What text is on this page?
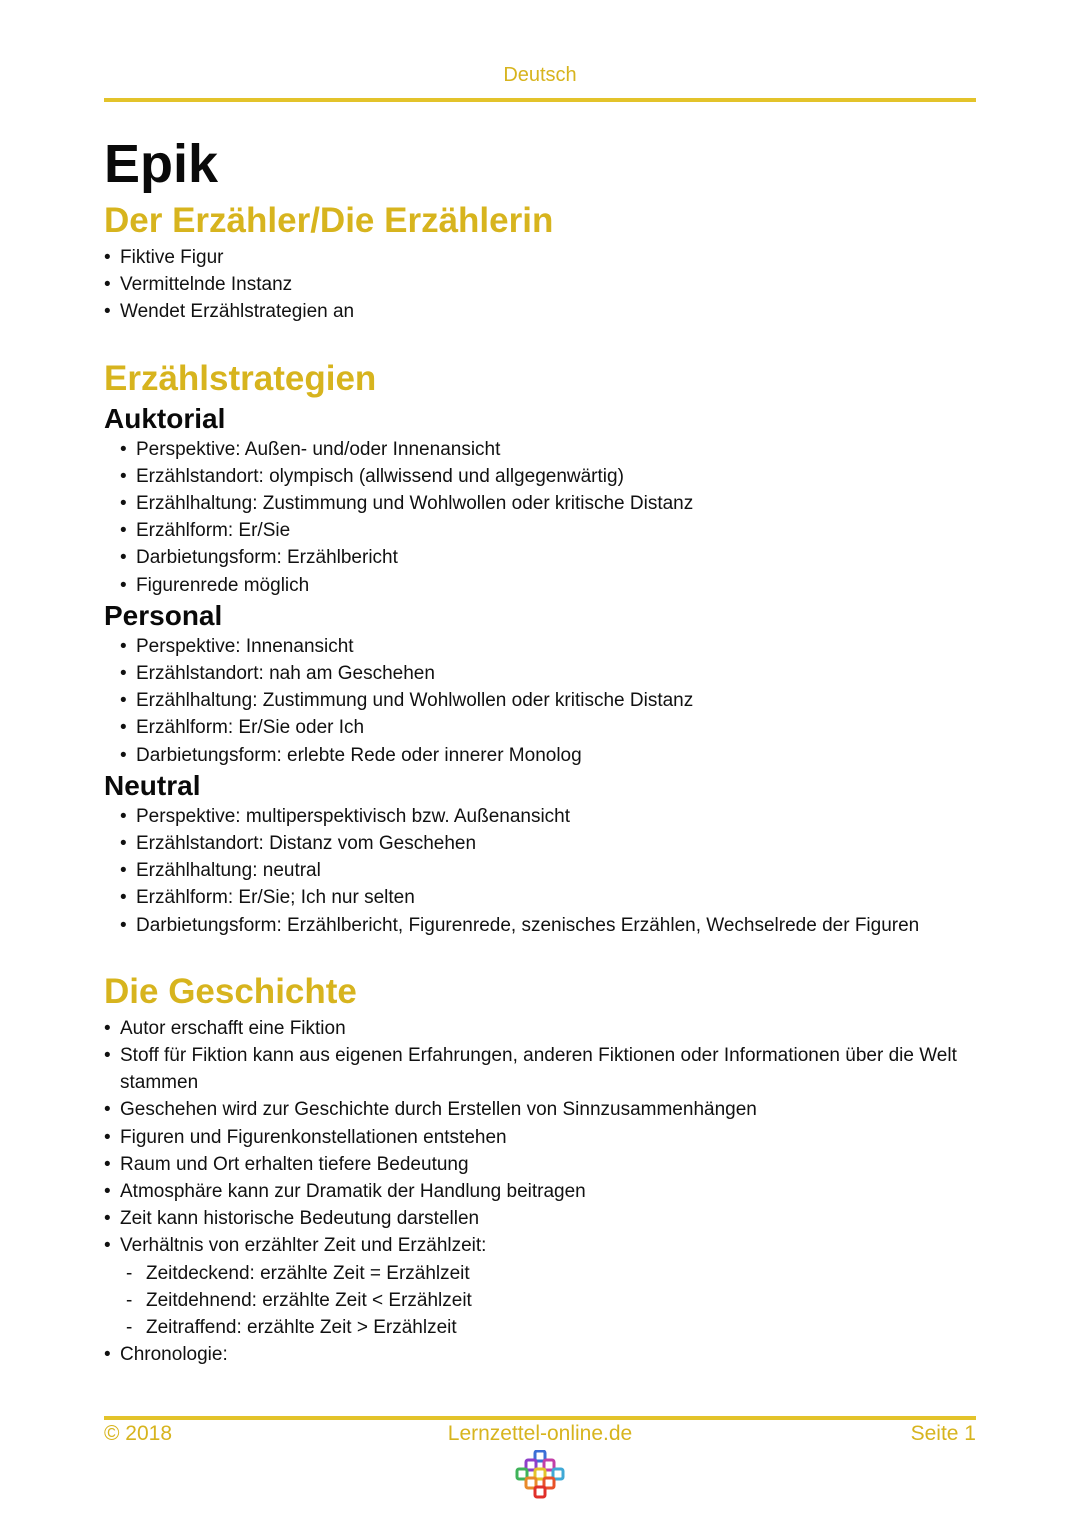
Deutsch
Epik
Der Erzähler/Die Erzählerin
• Fiktive Figur
• Vermittelnde Instanz
• Wendet Erzählstrategien an
Erzählstrategien
Auktorial
• Perspektive: Außen- und/oder Innenansicht
• Erzählstandort: olympisch (allwissend und allgegenwärtig)
• Erzählhaltung: Zustimmung und Wohlwollen oder kritische Distanz
• Erzählform: Er/Sie
• Darbietungsform: Erzählbericht
• Figurenrede möglich
Personal
• Perspektive: Innenansicht
• Erzählstandort: nah am Geschehen
• Erzählhaltung: Zustimmung und Wohlwollen oder kritische Distanz
• Erzählform: Er/Sie oder Ich
• Darbietungsform: erlebte Rede oder innerer Monolog
Neutral
• Perspektive: multiperspektivisch bzw. Außenansicht
• Erzählstandort: Distanz vom Geschehen
• Erzählhaltung: neutral
• Erzählform: Er/Sie; Ich nur selten
• Darbietungsform: Erzählbericht, Figurenrede, szenisches Erzählen, Wechselrede der Figuren
Die Geschichte
• Autor erschafft eine Fiktion
• Stoff für Fiktion kann aus eigenen Erfahrungen, anderen Fiktionen oder Informationen über die Welt stammen
• Geschehen wird zur Geschichte durch Erstellen von Sinnzusammenhängen
• Figuren und Figurenkonstellationen entstehen
• Raum und Ort erhalten tiefere Bedeutung
• Atmosphäre kann zur Dramatik der Handlung beitragen
• Zeit kann historische Bedeutung darstellen
• Verhältnis von erzählter Zeit und Erzählzeit:
- Zeitdeckend: erzählte Zeit = Erzählzeit
- Zeitdehnend: erzählte Zeit < Erzählzeit
- Zeitraffend: erzählte Zeit > Erzählzeit
• Chronologie:
© 2018	Lernzettel-online.de	Seite 1
